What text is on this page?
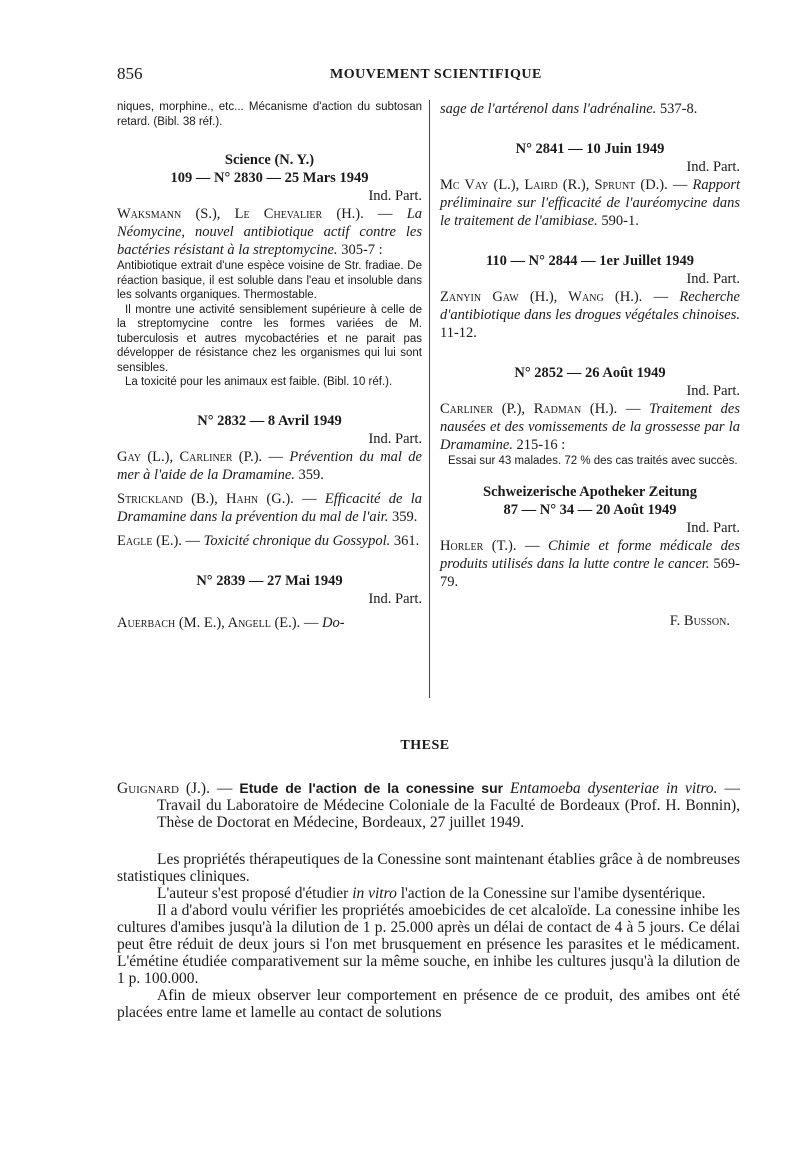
856	MOUVEMENT SCIENTIFIQUE

niques, morphine., etc... Mécanisme d'action du subtosan retard. (Bibl. 38 réf.).

Science (N. Y.)
109 — N° 2830 — 25 Mars 1949
Ind. Part.

Waksmann (S.), Le Chevalier (H.). — La Néomycine, nouvel antibiotique actif contre les bactéries résistant à la streptomycine. 305-7 :

Antibiotique extrait d'une espèce voisine de Str. fradiae. De réaction basique, il est soluble dans l'eau et insoluble dans les solvants organiques. Thermostable.

Il montre une activité sensiblement supérieure à celle de la streptomycine contre les formes variées de M. tuberculosis et autres mycobactéries et ne parait pas développer de résistance chez les organismes qui lui sont sensibles.

La toxicité pour les animaux est faible. (Bibl. 10 réf.).

N° 2832 — 8 Avril 1949
Ind. Part.

Gay (L.), Carliner (P.). — Prévention du mal de mer à l'aide de la Dramamine. 359.

Strickland (B.), Hahn (G.). — Efficacité de la Dramamine dans la prévention du mal de l'air. 359.

Eagle (E.). — Toxicité chronique du Gossypol. 361.

N° 2839 — 27 Mai 1949
Ind. Part.

Auerbach (M. E.), Angell (E.). — Do-

sage de l'artérenol dans l'adrénaline. 537-8.

N° 2841 — 10 Juin 1949
Ind. Part.

Mc Vay (L.), Laird (R.), Sprunt (D.). — Rapport préliminaire sur l'efficacité de l'auréomycine dans le traitement de l'amibiase. 590-1.

110 — N° 2844 — 1er Juillet 1949
Ind. Part.

Zanyin Gaw (H.), Wang (H.). — Recherche d'antibiotique dans les drogues végétales chinoises. 11-12.

N° 2852 — 26 Août 1949
Ind. Part.

Carliner (P.), Radman (H.). — Traitement des nausées et des vomissements de la grossesse par la Dramamine. 215-16 :

Essai sur 43 malades. 72 % des cas traités avec succès.

Schweizerische Apotheker Zeitung
87 — N° 34 — 20 Août 1949
Ind. Part.

Horler (T.). — Chimie et forme médicale des produits utilisés dans la lutte contre le cancer. 569-79.

F. Busson.
THESE

Guignard (J.). — Etude de l'action de la conessine sur Entamoeba dysenteriae in vitro. — Travail du Laboratoire de Médecine Coloniale de la Faculté de Bordeaux (Prof. H. Bonnin), Thèse de Doctorat en Médecine, Bordeaux, 27 juillet 1949.

Les propriétés thérapeutiques de la Conessine sont maintenant établies grâce à de nombreuses statistiques cliniques.

L'auteur s'est proposé d'étudier in vitro l'action de la Conessine sur l'amibe dysentérique.

Il a d'abord voulu vérifier les propriétés amoebicides de cet alcaloïde. La conessine inhibe les cultures d'amibes jusqu'à la dilution de 1 p. 25.000 après un délai de contact de 4 à 5 jours. Ce délai peut être réduit de deux jours si l'on met brusquement en présence les parasites et le médicament. L'émétine étudiée comparativement sur la même souche, en inhibe les cultures jusqu'à la dilution de 1 p. 100.000.

Afin de mieux observer leur comportement en présence de ce produit, des amibes ont été placées entre lame et lamelle au contact de solutions
